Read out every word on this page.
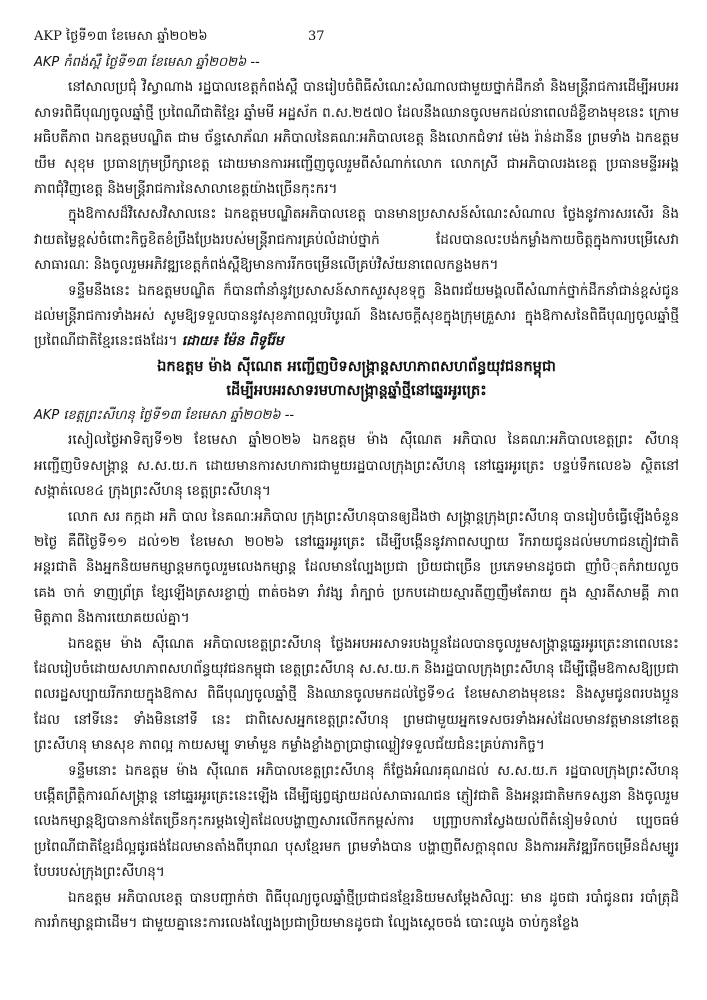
AKP ថ្ងៃទី១៣ ខែមេសា ឆ្នាំ២០២៦	37

AKP កំពង់ស្ពឺ ថ្ងៃទី១៣ ខែមេសា ឆ្នាំ២០២៦ --

នៅសាលប្រជុំ វិស្វាណាង រដ្ឋបាលខេត្តកំពង់ស្ពឺ បានរៀបចំពិធីសំណេះសំណាលជាមួយថ្នាក់ដឹកនាំ និងមន្ត្រីរាជការដើម្បីអបអរសាទរពិធីបុណ្យចូលឆ្នាំថ្មី ប្រពៃណីជាតិខ្មែរ ឆ្នាំមមី អដ្ឋស័ក ព.ស.២៥៧០ ដែលនឹងឈានចូលមកដល់នាពេលដ៏ខ្លីខាងមុខនេះ ក្រោមអធិបតីភាព ឯកឧត្តមបណ្ឌិត ជាម ច័ន្ទសោភ័ណ អភិបាលនៃគណៈអភិបាលខេត្ត និងលោកជំទាវ ម៉េង រ៉ាន់ដានីន ព្រមទាំង ឯកឧត្តម យឹម សុខុម ប្រធានក្រុមប្រឹក្សាខេត្ត ដោយមានការអញ្ជើញចូលរួមពីសំណាក់លោក លោកស្រី ជាអភិបាលរងខេត្ត ប្រធានមន្ទីរអង្គភាពជុំវិញខេត្ត និងមន្ត្រីរាជការនៃសាលាខេត្តយ៉ាងច្រើនកុះករ។

ក្នុងឱកាសដ៏វិសេសវិសាលនេះ ឯកឧត្តមបណ្ឌិតអភិបាលខេត្ត បានមានប្រសាសន៍សំណេះសំណាល ថ្លែងនូវការសរសើរ និងវាយតម្លៃខ្ពស់ចំពោះកិច្ចខិតខំប្រឹងប្រែងរបស់មន្ត្រីរាជការគ្រប់លំដាប់ថ្នាក់ ដែលបានលះបង់កម្លាំងកាយចិត្តក្នុងការបម្រើសេវាសាធារណៈ និងចូលរួមអភិវឌ្ឍខេត្តកំពង់ស្ពឺឱ្យមានការរីកចម្រើនលើគ្រប់វិស័យនាពេលកន្លងមក។

ទន្ទឹមនឹងនេះ ឯកឧត្តមបណ្ឌិត ក៏បានពាំនាំនូវប្រសាសន៍សាកសួរសុខទុក្ខ និងពរជ័យមង្គលពីសំណាក់ថ្នាក់ដឹកនាំជាន់ខ្ពស់ជូនដល់មន្ត្រីរាជការទាំងអស់ សូមឱ្យទទួលបាននូវសុខភាពល្អបរិបូរណ៍ និងសេចក្ដីសុខក្នុងក្រុមគ្រួសារ ក្នុងឱកាសនៃពិធីបុណ្យចូលឆ្នាំថ្មី ប្រពៃណីជាតិខ្មែរនេះផងដែរ។ ដោយ៖ ម៉ែន ពិទូរ៉ែម

ឯកឧត្តម ម៉ាង ស៊ីណេត អញ្ជើញបិទសង្ក្រាន្តសហភាពសហព័ន្ធយុវជនកម្ពុជា

ដើម្បីអបអរសាទរមហាសង្ក្រាន្តឆ្នាំថ្មីនៅឆ្នេរអូរត្រេះ

AKP ខេត្តព្រះសីហនុ ថ្ងៃទី១៣ ខែមេសា ឆ្នាំ២០២៦ --

រសៀលថ្ងៃអាទិត្យទី១២ ខែមេសា ឆ្នាំ២០២៦ ឯកឧត្តម ម៉ាង ស៊ីណេត អភិបាល នៃគណៈអភិបាលខេត្តព្រះ សីហនុ អញ្ជើញបិទសង្ក្រាន្ត ស.ស.យ.ក ដោយមានការសហការជាមួយរដ្ឋបាលក្រុងព្រះសីហនុ នៅឆ្នេរអូរត្រេះ បន្ទប់ទឹកលេខ៦ ស្ថិតនៅសង្កាត់លេខ៤ ក្រុងព្រះសីហនុ ខេត្តព្រះសីហនុ។

លោក សរ កក្កដា អភិ បាល នៃគណៈអភិបាល ក្រុងព្រះសីហនុបានឲ្យដឹងថា សង្ក្រាន្តក្រុងព្រះសីហនុ បានរៀបចំធ្វើឡើងចំនួន ២ថ្ងៃ គឺពីថ្ងៃទី១១ ដល់១២ ខែមេសា ២០២៦ នៅឆ្នេរអូរត្រេះ ដើម្បីបង្កើននូវភាពសប្បាយ រីករាយជូនដល់មហាជនភ្ញៀវជាតិ អន្តរជាតិ និងអ្នកនិយមកម្សាន្តមកចូលរួមលេងកម្សាន្ត ដែលមានល្បែងប្រជា ប្រិយជាច្រើន ប្រភេទមានដូចជា ញាំបិុតកំរាយលួច គេង ចាក់ ទាញព្រ័ត្រ ខ្សែឡើងត្រសរខ្លាញ់ ពាត់ចងទា រាំវង្ស រាំក្បាច់ ប្រកបដោយស្មារតីញញឹមតែរាយ ក្នុង ស្មារតីសាមគ្គី ភាពមិត្តភាព និងការយោគយល់គ្នា។

ឯកឧត្តម ម៉ាង ស៊ីណេត អភិបាលខេត្តព្រះសីហនុ ថ្លែងអបអរសាទរបងប្អូនដែលបានចូលរួមសង្ក្រាន្តឆ្នេរអូរត្រេះនាពេលនេះ ដែលរៀបចំដោយសហភាពសហព័ន្ធយុវជនកម្ពុជា ខេត្តព្រះសីហនុ ស.ស.យ.ក និងរដ្ឋបាលក្រុងព្រះសីហនុ ដើម្បីផ្ដើមឱកាសឱ្យប្រជាពលរដ្ឋសប្បាយរីករាយក្នុងឱកាស ពិធីបុណ្យចូលឆ្នាំថ្មី និងឈានចូលមកដល់ថ្ងៃទី១៤ ខែមេសាខាងមុខនេះ និងសូមជូនពរបងប្អូនដែល នៅទីនេះ ទាំងមិននៅទី នេះ ជាពិសេសអ្នកខេត្តព្រះសីហនុ ព្រមជាមួយអ្នកទេសចរទាំងអស់ដែលមានវត្តមាននៅខេត្តព្រះសីហនុ មានសុខ ភាពល្អ កាយសម្បូ ទាមាំមួន កម្លាំងខ្លាំងក្លាប្រាជ្ញាឈ្លៀវទទួលជ័យជំនះគ្រប់ភារកិច្ច។

ទន្ទឹមនោះ ឯកឧត្តម ម៉ាង ស៊ីណេត អភិបាលខេត្តព្រះសីហនុ ក៏ថ្លែងអំណរគុណដល់ ស.ស.យ.ក រដ្ឋបាលក្រុងព្រះសីហនុ បង្កើតព្រឹត្តិការណ៍សង្ក្រាន្ត នៅឆ្នេរអូរត្រេះនេះឡើង ដើម្បីផ្សព្វផ្សាយដល់សាធារណជន ភ្ញៀវជាតិ និងអន្តរជាតិមកទស្សនា និងចូលរួមលេងកម្សាន្តឱ្យបានកាន់តែច្រើនកុះករម្ដងទៀតដែលបង្ហាញសារលើកកម្ពស់ការ បញ្ជ្រាបការស្វែងយល់ពីតំនៀមទំលាប់ ប្បេចធម៌ ប្រពៃណីជាតិខ្មែរដ៏ល្អផូរផង់ដែលមានតាំងពីបុរាណ បុសខ្មែរមក ព្រមទាំងបាន បង្ហាញពីសក្ដានុពល និងការអភិវឌ្ឍរីកចម្រើនដ៏សម្បូរបែបរបស់ក្រុងព្រះសីហនុ។

ឯកឧត្តម អភិបាលខេត្ត បានបញ្ជាក់ថា ពិធីបុណ្យចូលឆ្នាំថ្មីប្រជាជនខ្មែរនិយមសម្ដែងសិល្បៈ មាន ដូចជា របាំជូនពរ របាំត្រុដិ ការរាំកម្សាន្តជាដើម។ ជាមួយគ្នានេះការលេងល្បែងប្រជាប្រិយមានដូចជា ល្បែងស្ដេចចង់ បោះឈូង ចាប់កូនខ្លែង
